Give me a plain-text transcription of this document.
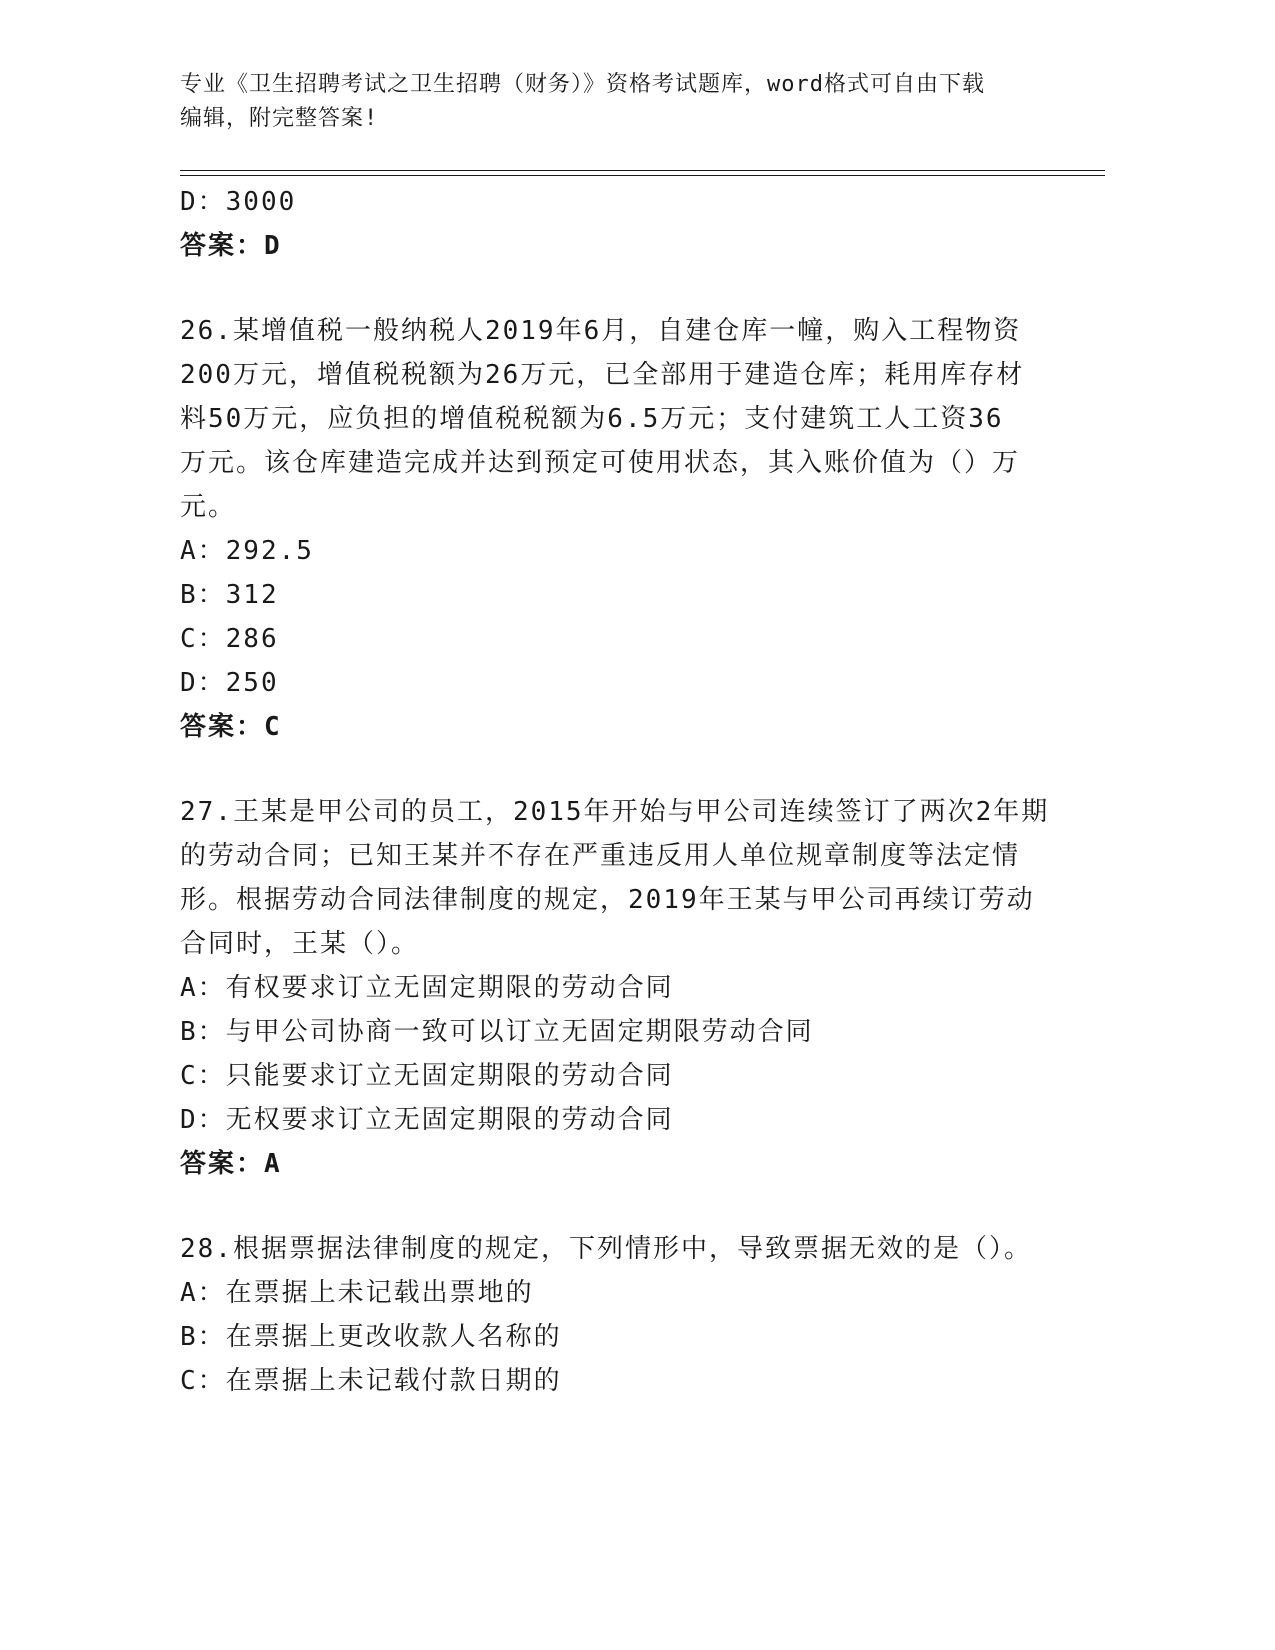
专业《卫生招聘考试之卫生招聘（财务）》资格考试题库，word格式可自由下载
编辑，附完整答案!
D：3000
答案：D
26.某增值税一般纳税人2019年6月，自建仓库一幢，购入工程物资
200万元，增值税税额为26万元，已全部用于建造仓库；耗用库存材
料50万元，应负担的增值税税额为6.5万元；支付建筑工人工资36
万元。该仓库建造完成并达到预定可使用状态，其入账价值为（）万
元。
A：292.5
B：312
C：286
D：250
答案：C
27.王某是甲公司的员工，2015年开始与甲公司连续签订了两次2年期
的劳动合同；已知王某并不存在严重违反用人单位规章制度等法定情
形。根据劳动合同法律制度的规定，2019年王某与甲公司再续订劳动
合同时，王某（）。
A：有权要求订立无固定期限的劳动合同
B：与甲公司协商一致可以订立无固定期限劳动合同
C：只能要求订立无固定期限的劳动合同
D：无权要求订立无固定期限的劳动合同
答案：A
28.根据票据法律制度的规定，下列情形中，导致票据无效的是（）。
A：在票据上未记载出票地的
B：在票据上更改收款人名称的
C：在票据上未记载付款日期的
